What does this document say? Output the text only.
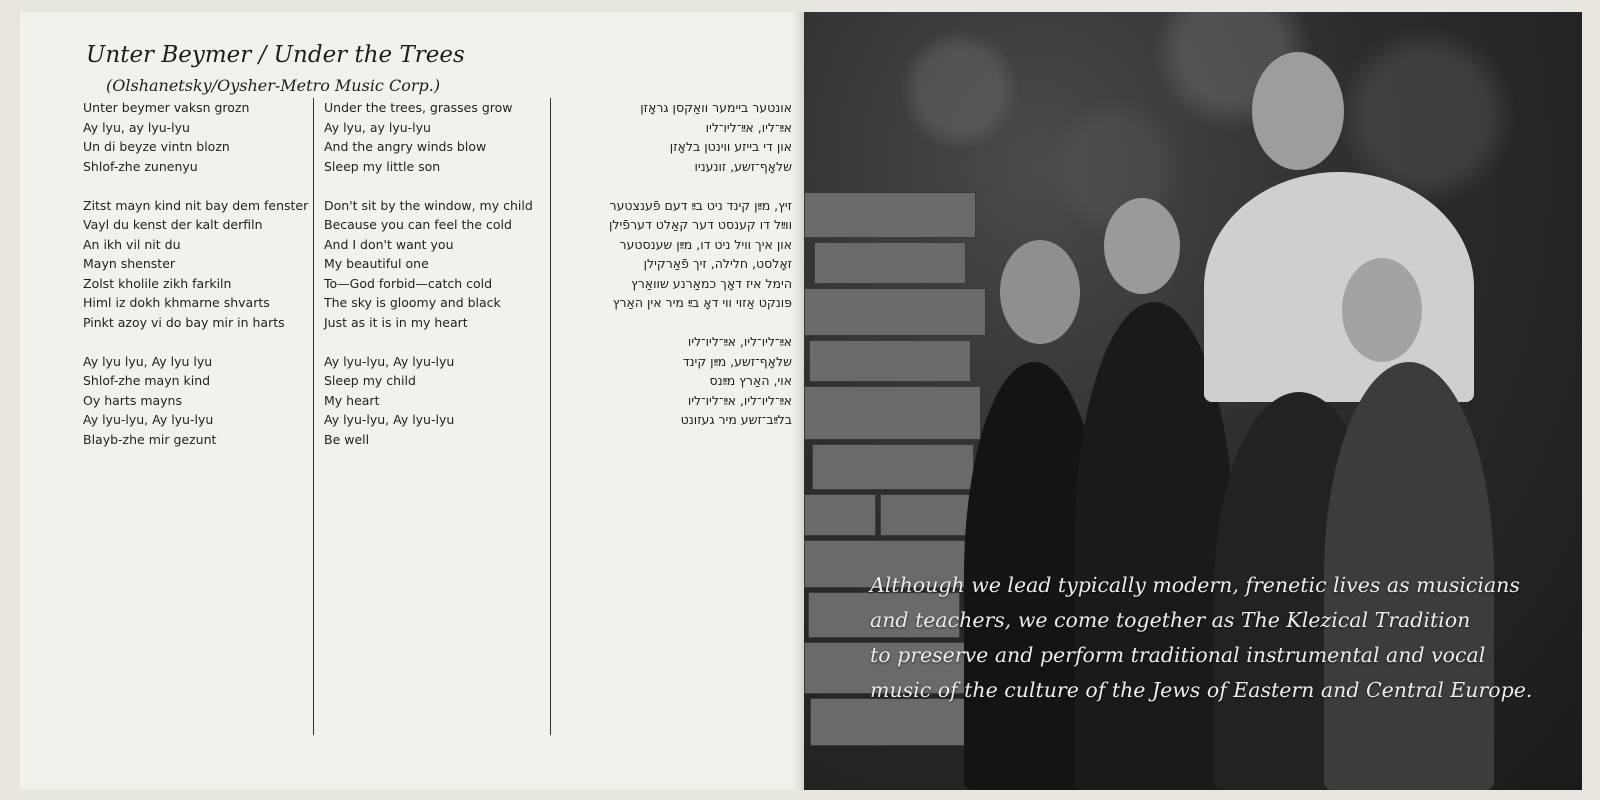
Unter Beymer / Under the Trees
(Olshanetsky/Oysher-Metro Music Corp.)

Unter beymer vaksn grozn
Ay lyu, ay lyu-lyu
Un di beyze vintn blozn
Shlof-zhe zunenyu

Zitst mayn kind nit bay dem fenster
Vayl du kenst der kalt derfiln
An ikh vil nit du
Mayn shenster
Zolst kholile zikh farkiln
Himl iz dokh khmarne shvarts
Pinkt azoy vi do bay mir in harts

Ay lyu lyu, Ay lyu lyu
Shlof-zhe mayn kind
Oy harts mayns
Ay lyu-lyu, Ay lyu-lyu
Blayb-zhe mir gezunt

Under the trees, grasses grow
Ay lyu, ay lyu-lyu
And the angry winds blow
Sleep my little son

Don't sit by the window, my child
Because you can feel the cold
And I don't want you
My beautiful one
To—God forbid—catch cold
The sky is gloomy and black
Just as it is in my heart

Ay lyu-lyu, Ay lyu-lyu
Sleep my child
My heart
Ay lyu-lyu, Ay lyu-lyu
Be well

אונטער ביימער וואַקסן גראָזן
אײַ־ליו, אײַ־ליו־ליו
און די בייזע ווינטן בלאָזן
שלאָף־זשע, זונעניו

זיץ, מײַן קינד ניט בײַ דעם פֿענצטער
ווײַל דו קענסט דער קאַלט דערפֿילן
און איך וויל ניט דו, מײַן שענסטער
זאָלסט, חלילה, זיך פֿאַרקילן
הימל איז דאָך כמאַרנע שוואַרץ
פּונקט אַזוי ווי דאָ בײַ מיר אין האַרץ

אײַ־ליו־ליו, אײַ־ליו־ליו
שלאָף־זשע, מײַן קינד
אוי, האַרץ מײַנס
אײַ־ליו־ליו, אײַ־ליו־ליו
בלײַב־זשע מיר געזונט

Although we lead typically modern, frenetic lives as musicians
and teachers, we come together as The Klezical Tradition
to preserve and perform traditional instrumental and vocal
music of the culture of the Jews of Eastern and Central Europe.
